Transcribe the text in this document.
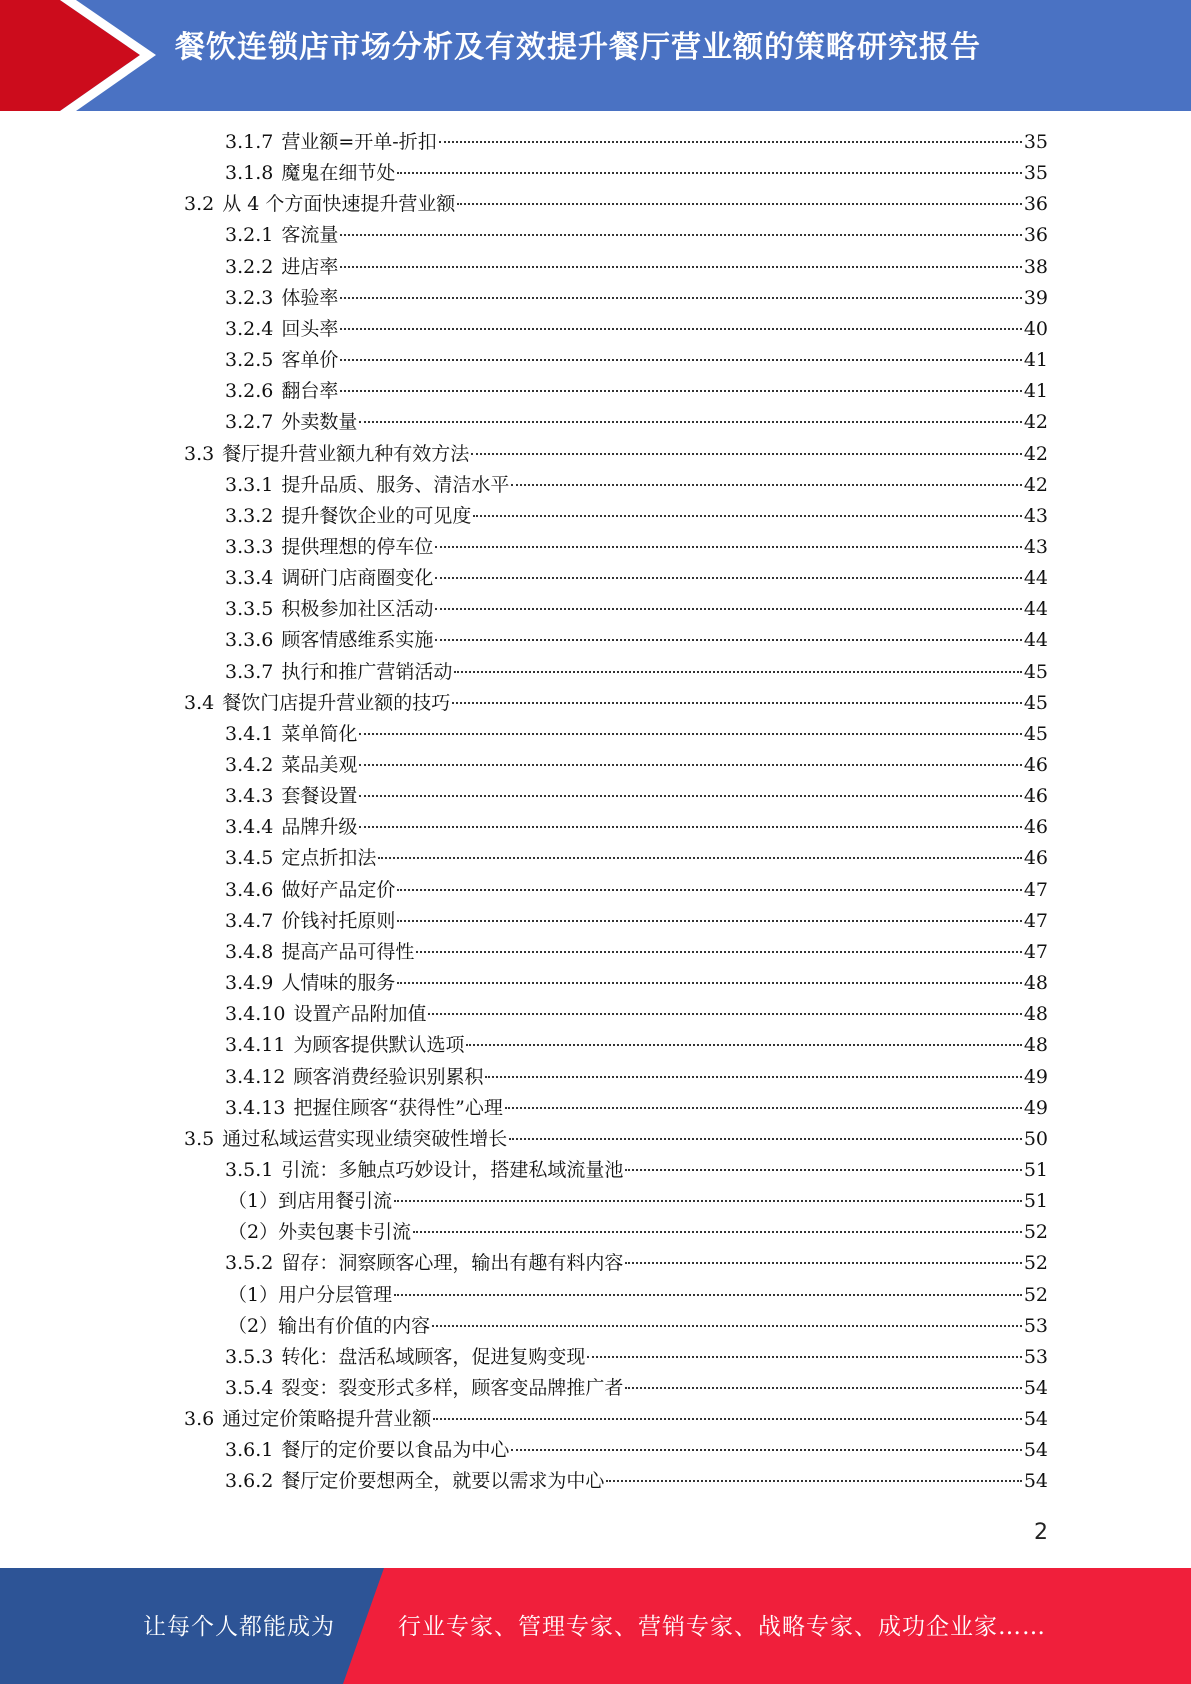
餐饮连锁店市场分析及有效提升餐厅营业额的策略研究报告
3.1.7 营业额=开单-折扣	35
3.1.8 魔鬼在细节处	35
3.2 从 4 个方面快速提升营业额	36
3.2.1 客流量	36
3.2.2 进店率	38
3.2.3 体验率	39
3.2.4 回头率	40
3.2.5 客单价	41
3.2.6 翻台率	41
3.2.7 外卖数量	42
3.3 餐厅提升营业额九种有效方法	42
3.3.1 提升品质、服务、清洁水平	42
3.3.2 提升餐饮企业的可见度	43
3.3.3 提供理想的停车位	43
3.3.4 调研门店商圈变化	44
3.3.5 积极参加社区活动	44
3.3.6 顾客情感维系实施	44
3.3.7 执行和推广营销活动	45
3.4 餐饮门店提升营业额的技巧	45
3.4.1 菜单简化	45
3.4.2 菜品美观	46
3.4.3 套餐设置	46
3.4.4 品牌升级	46
3.4.5 定点折扣法	46
3.4.6 做好产品定价	47
3.4.7 价钱衬托原则	47
3.4.8 提高产品可得性	47
3.4.9 人情味的服务	48
3.4.10 设置产品附加值	48
3.4.11 为顾客提供默认选项	48
3.4.12 顾客消费经验识别累积	49
3.4.13 把握住顾客“获得性”心理	49
3.5 通过私域运营实现业绩突破性增长	50
3.5.1 引流：多触点巧妙设计，搭建私域流量池	51
（1）到店用餐引流	51
（2）外卖包裹卡引流	52
3.5.2 留存：洞察顾客心理，输出有趣有料内容	52
（1）用户分层管理	52
（2）输出有价值的内容	53
3.5.3 转化：盘活私域顾客，促进复购变现	53
3.5.4 裂变：裂变形式多样，顾客变品牌推广者	54
3.6 通过定价策略提升营业额	54
3.6.1 餐厅的定价要以食品为中心	54
3.6.2 餐厅定价要想两全，就要以需求为中心	54
2
让每个人都能成为	行业专家、管理专家、营销专家、战略专家、成功企业家……
